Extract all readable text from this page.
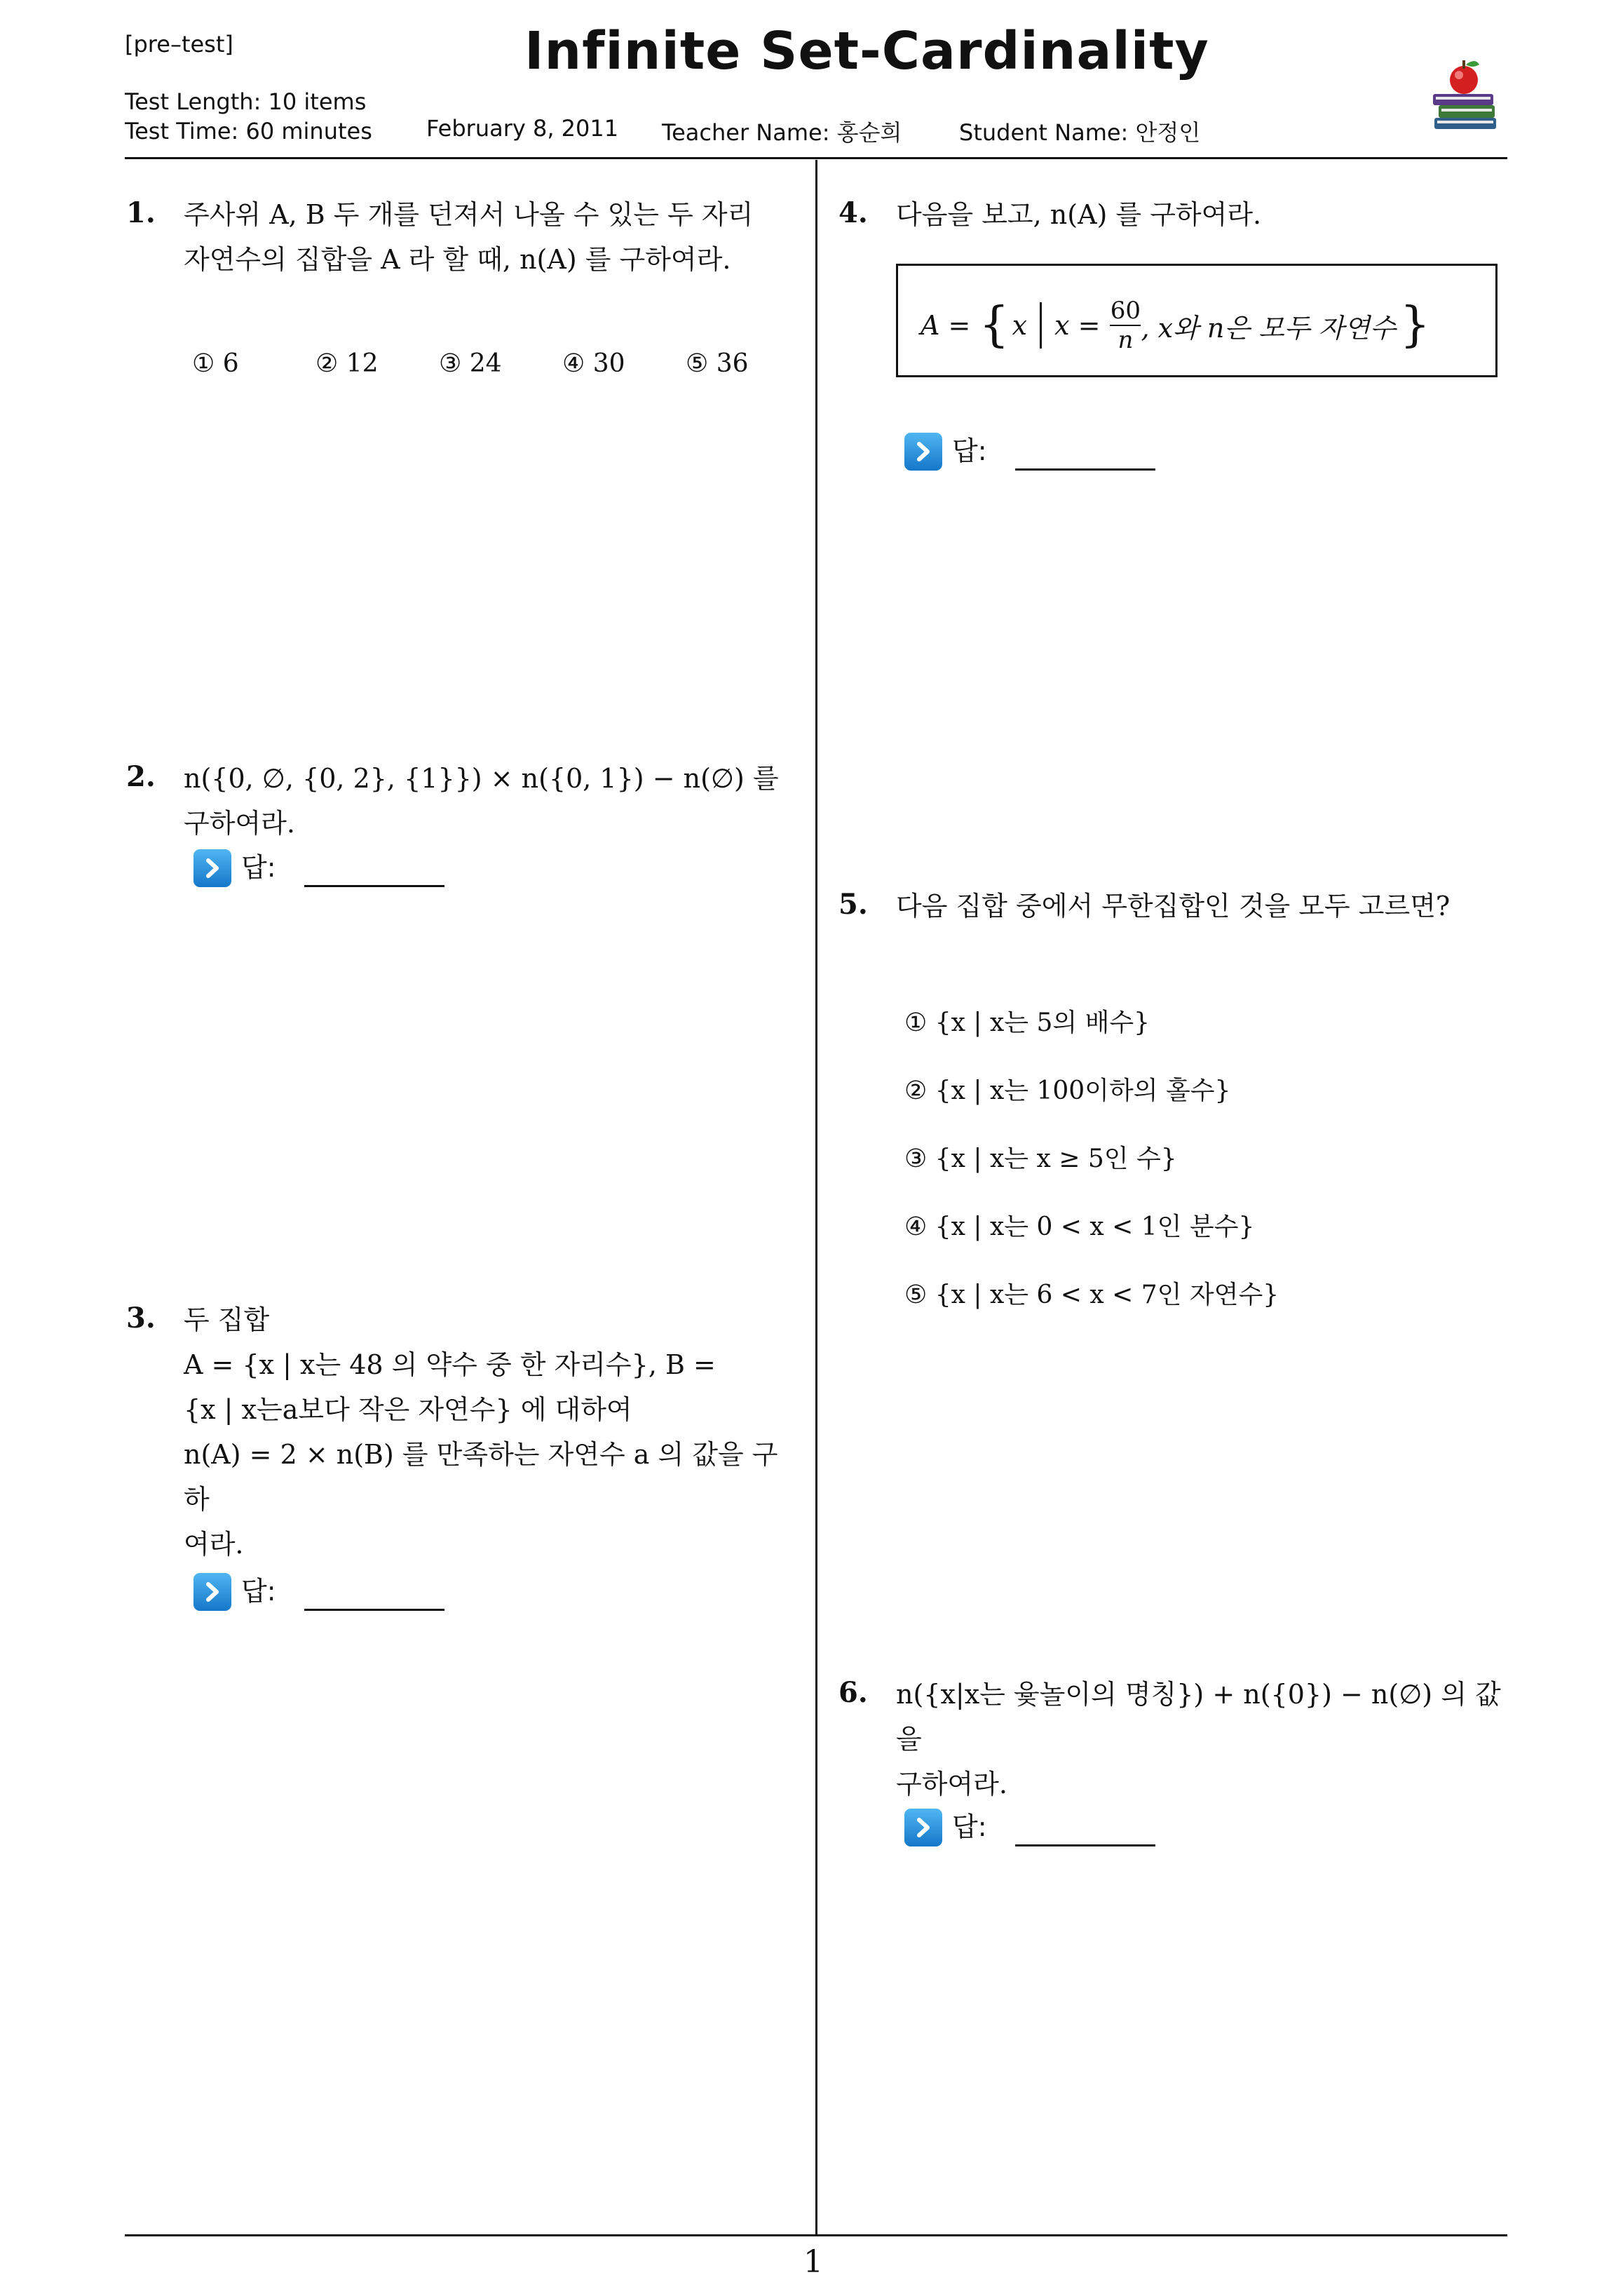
[pre–test]	Infinite Set-Cardinality
Test Length: 10 items
Test Time: 60 minutes February 8, 2011 Teacher Name: 홍순희	Student Name: 안정인
1. 주사위 A, B 두 개를 던져서 나올 수 있는 두 자리
자연수의 집합을 A 라 할 때, n(A) 를 구하여라.
① 6	② 12	③ 24	④ 30	⑤ 36
2. n({0, ∅, {0, 2}, {1}}) × n({0, 1}) − n(∅) 를 구하여라.
답:
3. 두 집합
A = {x | x는 48 의 약수 중 한 자리수}, B =
{x | x는a보다 작은 자연수} 에 대하여
n(A) = 2 × n(B) 를 만족하는 자연수 a 의 값을 구하
여라.
답:
4. 다음을 보고, n(A) 를 구하여라.
A = { x x = 60
n , x와 n은 모두 자연수 }
답:
5. 다음 집합 중에서 무한집합인 것을 모두 고르면?
① {x | x는 5의 배수}
② {x | x는 100이하의 홀수}
③ {x | x는 x ≥ 5인 수}
④ {x | x는 0 < x < 1인 분수}
⑤ {x | x는 6 < x < 7인 자연수}
6. n({x|x는 윷놀이의 명칭}) + n({0}) − n(∅) 의 값을
구하여라.
답:
1
